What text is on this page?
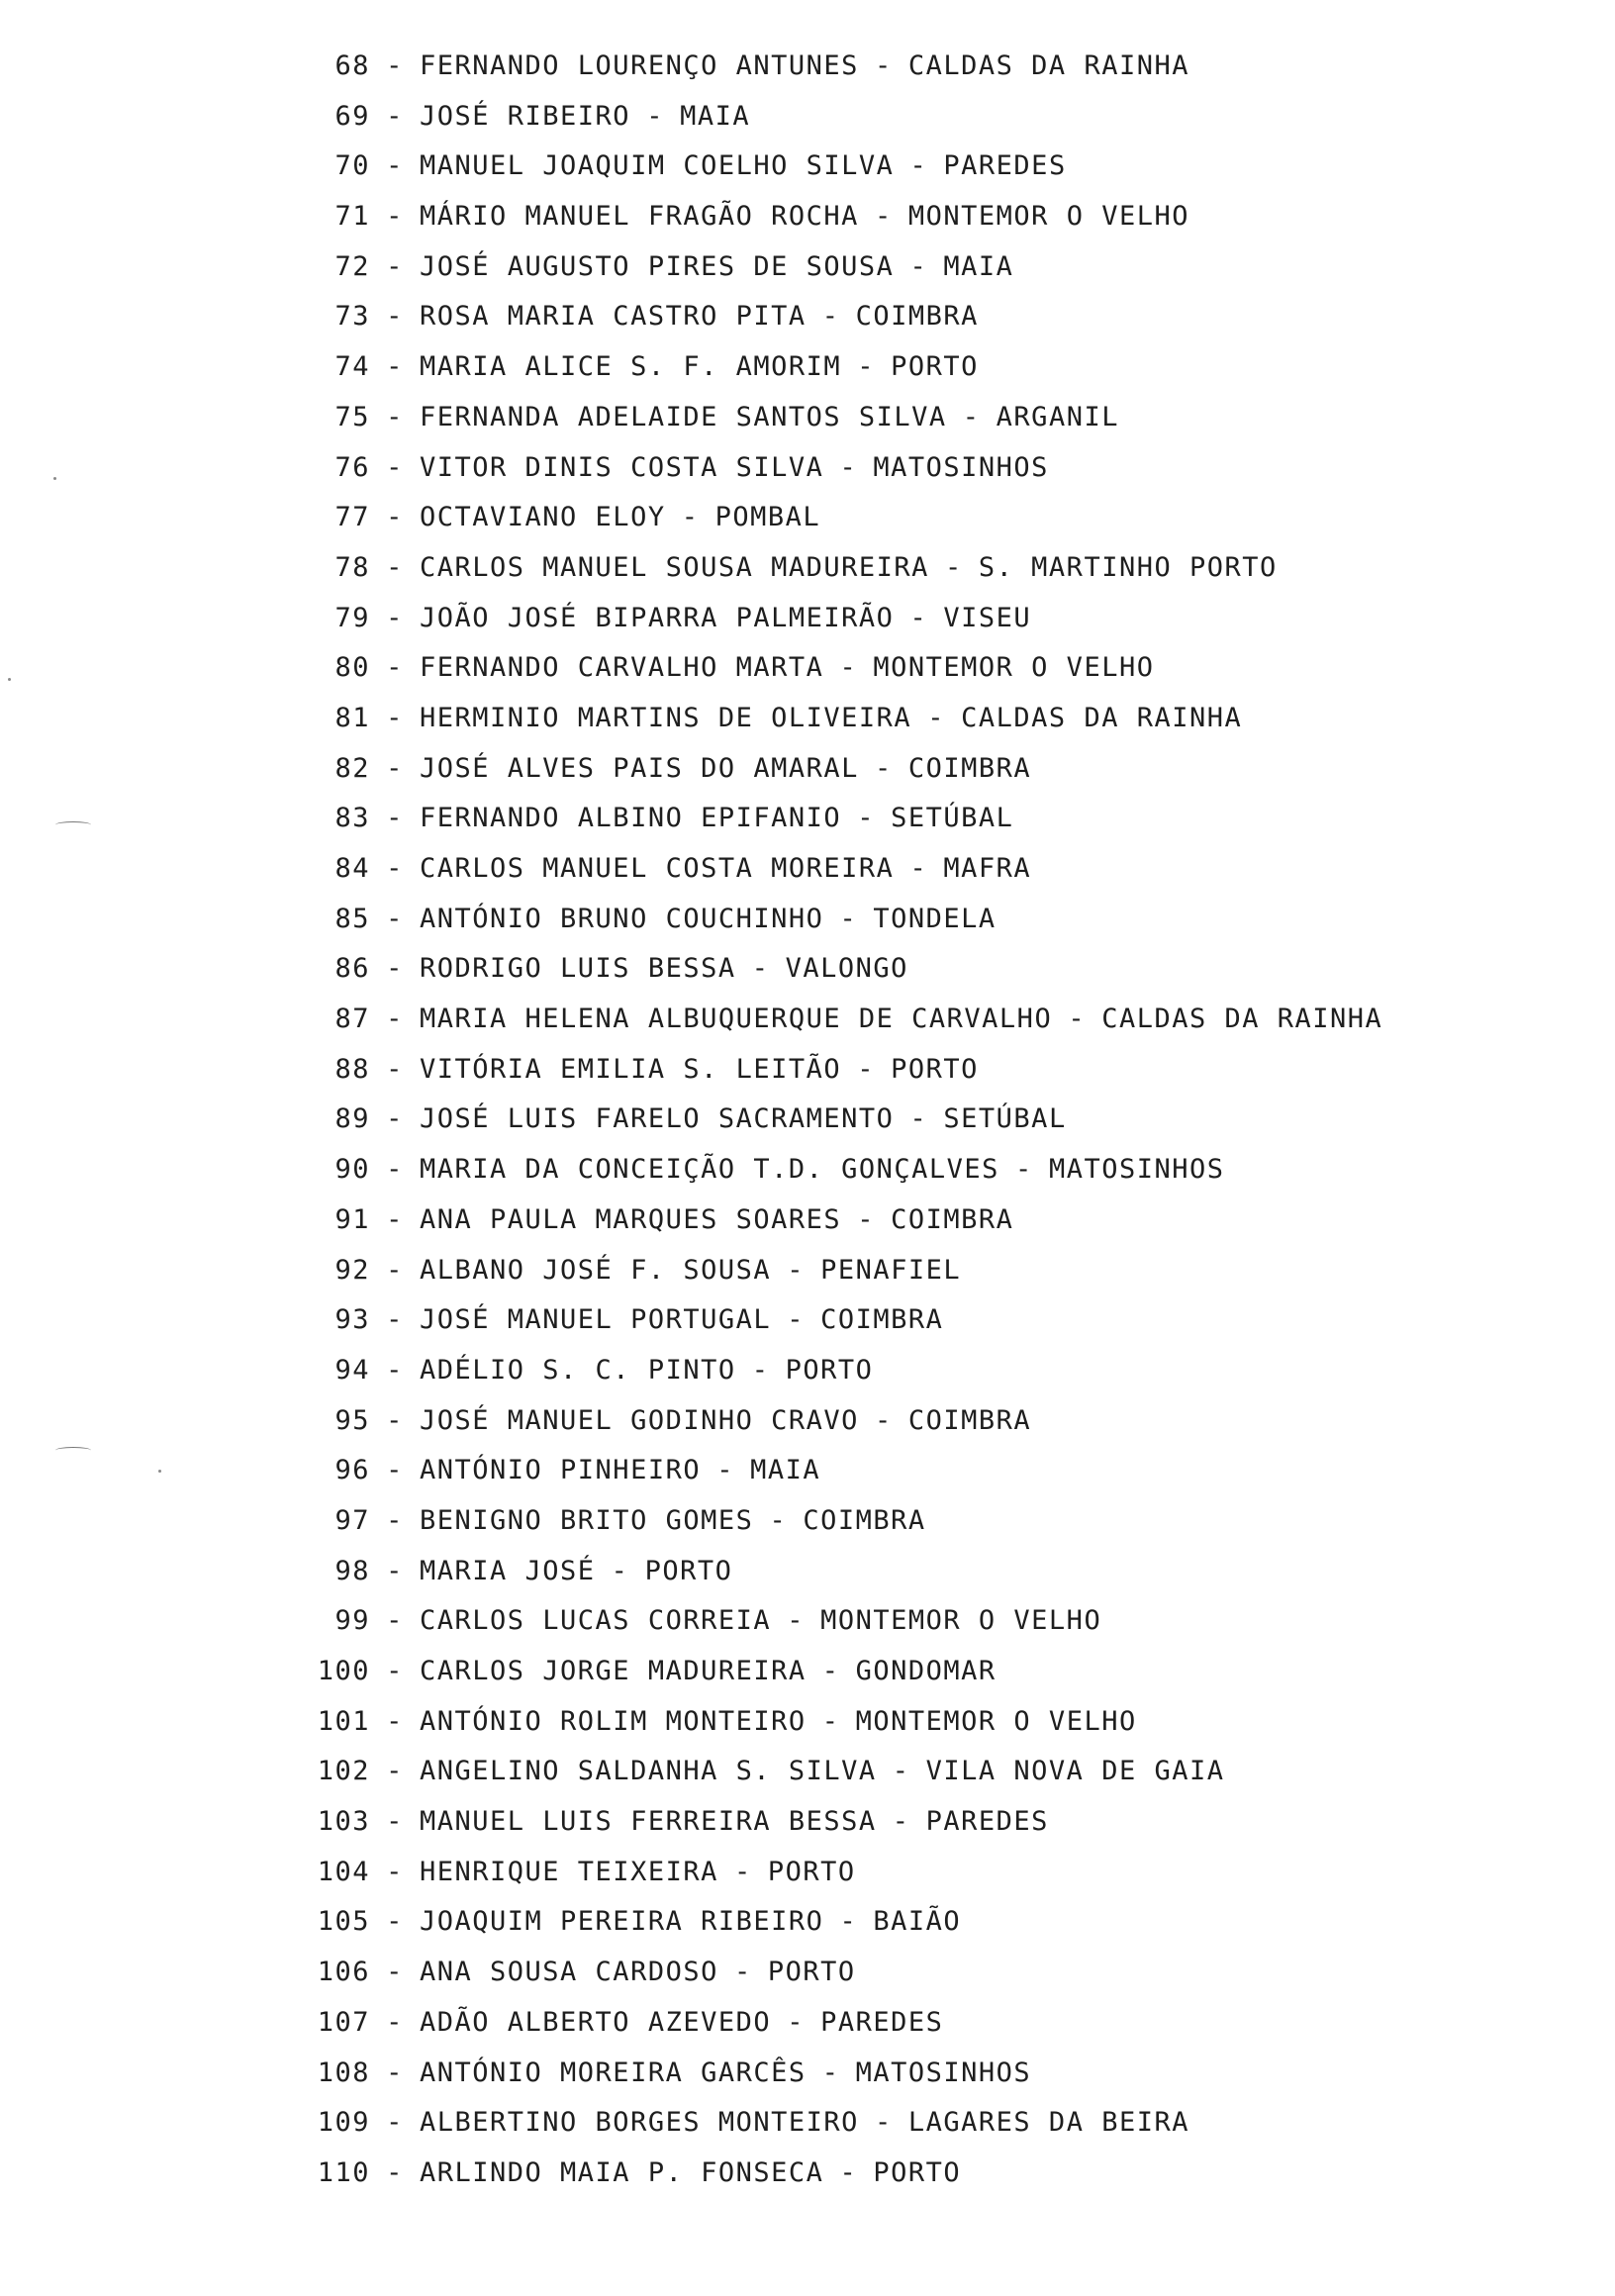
68 - FERNANDO LOURENÇO ANTUNES - CALDAS DA RAINHA
69 - JOSÉ RIBEIRO - MAIA
70 - MANUEL JOAQUIM COELHO SILVA - PAREDES
71 - MÁRIO MANUEL FRAGÃO ROCHA - MONTEMOR O VELHO
72 - JOSÉ AUGUSTO PIRES DE SOUSA - MAIA
73 - ROSA MARIA CASTRO PITA - COIMBRA
74 - MARIA ALICE S. F. AMORIM - PORTO
75 - FERNANDA ADELAIDE SANTOS SILVA - ARGANIL
76 - VITOR DINIS COSTA SILVA - MATOSINHOS
77 - OCTAVIANO ELOY - POMBAL
78 - CARLOS MANUEL SOUSA MADUREIRA - S. MARTINHO PORTO
79 - JOÃO JOSÉ BIPARRA PALMEIRÃO - VISEU
80 - FERNANDO CARVALHO MARTA - MONTEMOR O VELHO
81 - HERMINIO MARTINS DE OLIVEIRA - CALDAS DA RAINHA
82 - JOSÉ ALVES PAIS DO AMARAL - COIMBRA
83 - FERNANDO ALBINO EPIFANIO - SETÚBAL
84 - CARLOS MANUEL COSTA MOREIRA - MAFRA
85 - ANTÓNIO BRUNO COUCHINHO - TONDELA
86 - RODRIGO LUIS BESSA - VALONGO
87 - MARIA HELENA ALBUQUERQUE DE CARVALHO - CALDAS DA RAINHA
88 - VITÓRIA EMILIA S. LEITÃO - PORTO
89 - JOSÉ LUIS FARELO SACRAMENTO - SETÚBAL
90 - MARIA DA CONCEIÇÃO T.D. GONÇALVES - MATOSINHOS
91 - ANA PAULA MARQUES SOARES - COIMBRA
92 - ALBANO JOSÉ F. SOUSA - PENAFIEL
93 - JOSÉ MANUEL PORTUGAL - COIMBRA
94 - ADÉLIO S. C. PINTO - PORTO
95 - JOSÉ MANUEL GODINHO CRAVO - COIMBRA
96 - ANTÓNIO PINHEIRO - MAIA
97 - BENIGNO BRITO GOMES - COIMBRA
98 - MARIA JOSÉ - PORTO
99 - CARLOS LUCAS CORREIA - MONTEMOR O VELHO
100 - CARLOS JORGE MADUREIRA - GONDOMAR
101 - ANTÓNIO ROLIM MONTEIRO - MONTEMOR O VELHO
102 - ANGELINO SALDANHA S. SILVA - VILA NOVA DE GAIA
103 - MANUEL LUIS FERREIRA BESSA - PAREDES
104 - HENRIQUE TEIXEIRA - PORTO
105 - JOAQUIM PEREIRA RIBEIRO - BAIÃO
106 - ANA SOUSA CARDOSO - PORTO
107 - ADÃO ALBERTO AZEVEDO - PAREDES
108 - ANTÓNIO MOREIRA GARCÊS - MATOSINHOS
109 - ALBERTINO BORGES MONTEIRO - LAGARES DA BEIRA
110 - ARLINDO MAIA P. FONSECA - PORTO
